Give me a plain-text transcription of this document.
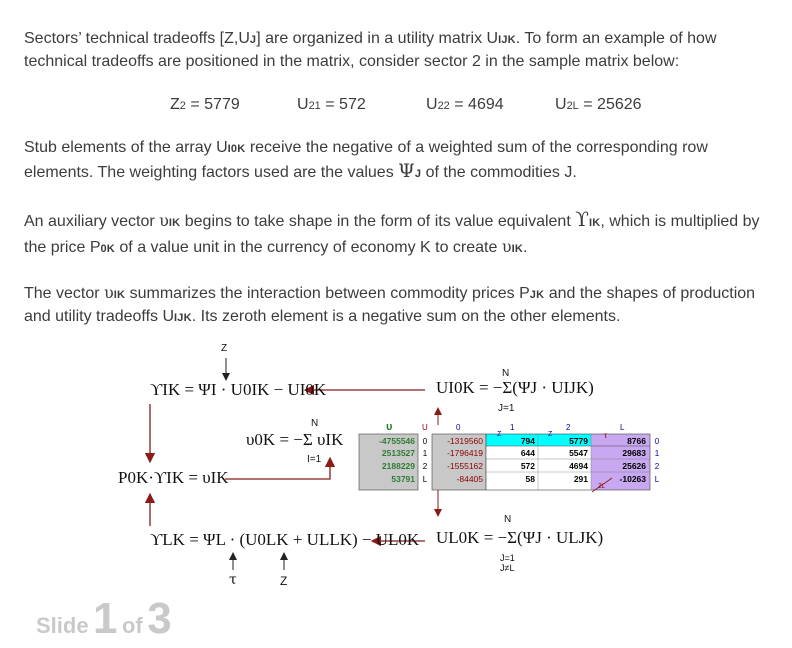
Sectors’ technical tradeoffs [Z,UJ] are organized in a utility matrix UIJK. To form an example of how technical tradeoffs are positioned in the matrix, consider sector 2 in the sample matrix below:
Z2 = 5779	U21 = 572	U22 = 4694	U2L = 25626
Stub elements of the array UI0K receive the negative of a weighted sum of the corresponding row elements. The weighting factors used are the values ΨJ of the commodities J.
An auxiliary vector υIK begins to take shape in the form of its value equivalent ϒIK, which is multiplied by the price P0K of a value unit in the currency of economy K to create υIK.
The vector υIK summarizes the interaction between commodity prices PJK and the shapes of production and utility tradeoffs UIJK. Its zeroth element is a negative sum on the other elements.
υ	U	0	1	2	L
Z	Z	τ
ZL
-4755546 0 -1319560	794	5779	8766 0
2513527 1 -1796419	644	5547	29683 1
2188229 2 -1555162	572	4694	25626 2
53791 L	-84405	58	291	-10263 L
ϒIK = ΨI · U0IK − UI0K
Z
UI0K = −Σ(ΨJ · UIJK)
N
J=1
υ0K = −Σ υIK
N
I=1
P0K·ϒIK = υIK
ϒLK = ΨL · (U0LK + ULLK) − UL0K
τ	Z
UL0K = −Σ(ΨJ · ULJK)
N
J=1
J≠L
Slide 1 of 3
